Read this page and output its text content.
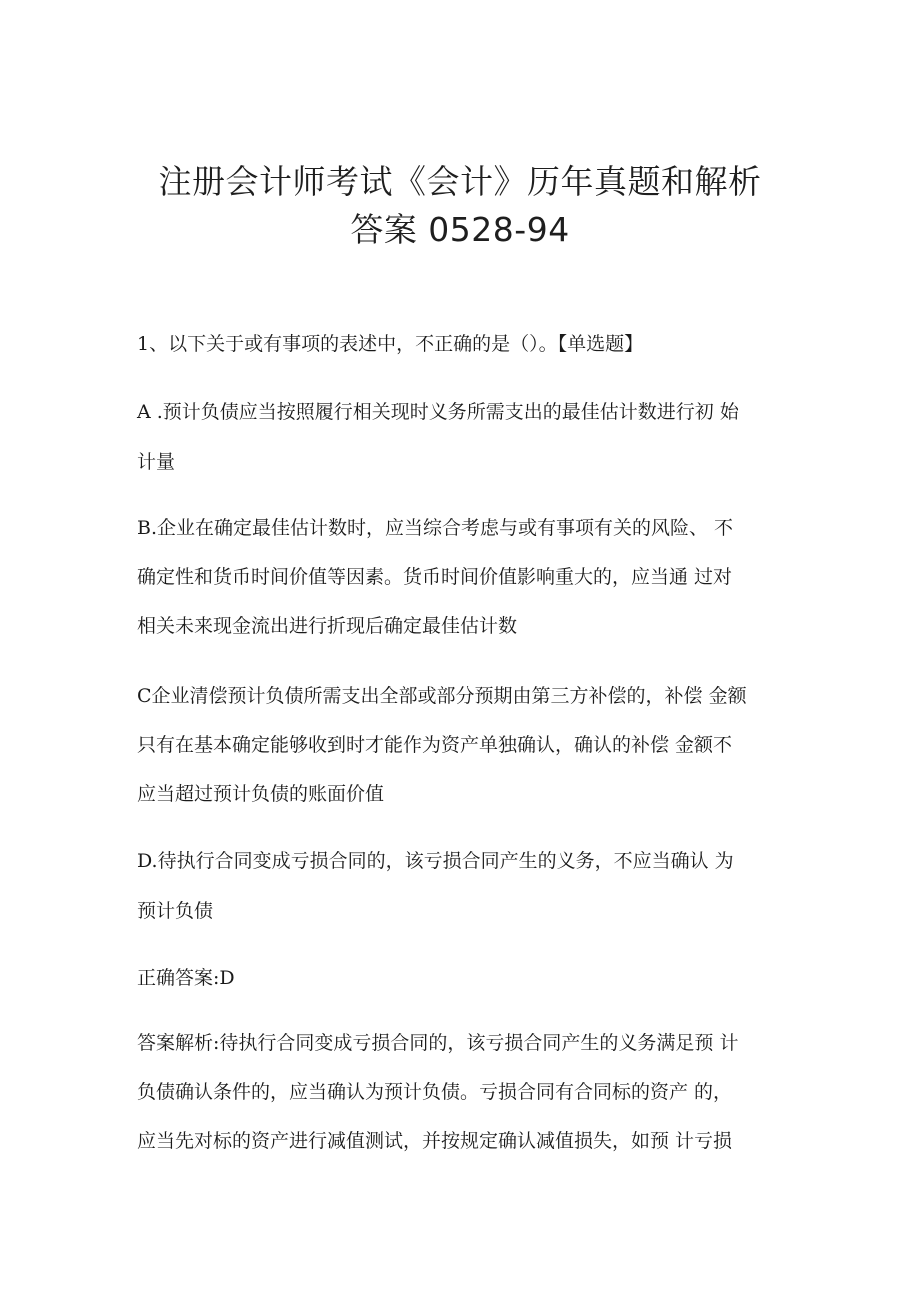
注册会计师考试《会计》历年真题和解析
答案 0528-94

1、以下关于或有事项的表述中，不正确的是（）。【单选题】

A .预计负债应当按照履行相关现时义务所需支出的最佳估计数进行初 始
计量

B.企业在确定最佳估计数时，应当综合考虑与或有事项有关的风险、 不
确定性和货币时间价值等因素。货币时间价值影响重大的，应当通 过对
相关未来现金流出进行折现后确定最佳估计数

C企业清偿预计负债所需支出全部或部分预期由第三方补偿的，补偿 金额
只有在基本确定能够收到时才能作为资产单独确认，确认的补偿 金额不
应当超过预计负债的账面价值

D.待执行合同变成亏损合同的，该亏损合同产生的义务，不应当确认 为
预计负债

正确答案:D

答案解析:待执行合同变成亏损合同的，该亏损合同产生的义务满足预 计
负债确认条件的，应当确认为预计负债。亏损合同有合同标的资产 的，
应当先对标的资产进行减值测试，并按规定确认减值损失，如预 计亏损
